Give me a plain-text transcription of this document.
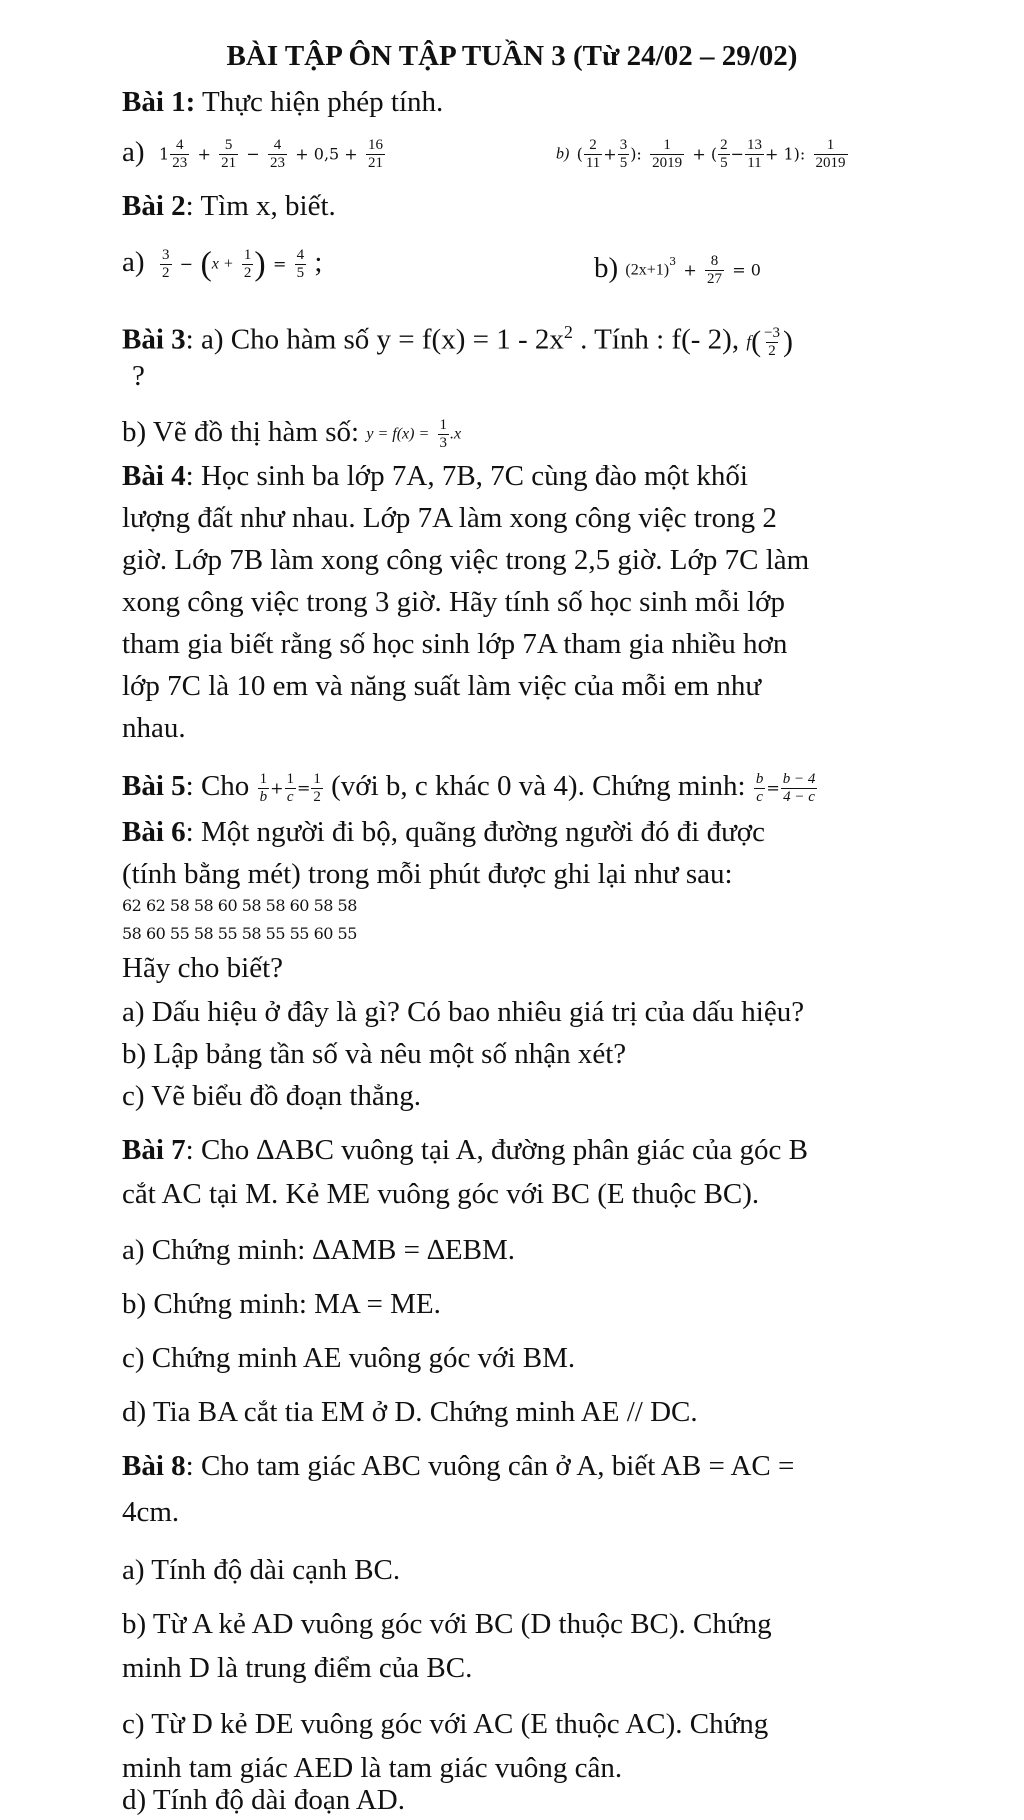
BÀI TẬP ÔN TẬP TUẦN 3 (Từ 24/02 – 29/02)
Bài 1: Thực hiện phép tính.
a) $1 \frac{4}{23} + \frac{5}{21} - \frac{4}{23} + 0,5 + \frac{16}{21}$	b) ( $\frac{2}{11} + \frac{3}{5}$ ): $\frac{1}{2019}$ + ( $\frac{2}{5} - \frac{13}{11} + 1$): $\frac{1}{2019}$
Bài 2: Tìm x, biết.
$a) \frac{3}{2} - (x + \frac{1}{2}$ ) = $\frac{4}{5}$ ;	b) $(2x+1)^3 + \frac{8}{27} = 0$
Bài 3: a) Cho hàm số $y = f(x) = 1 - 2x^2$ . Tính : f(- 2), $f( \frac{-3}{2}$ )
?
b) Vẽ đồ thị hàm số: $y = f(x) = \frac{1}{3} .x$
Bài 4: Học sinh ba lớp 7A, 7B, 7C cùng đào một khối
lượng đất như nhau. Lớp 7A làm xong công việc trong 2
giờ. Lớp 7B làm xong công việc trong 2,5 giờ. Lớp 7C làm
xong công việc trong 3 giờ. Hãy tính số học sinh mỗi lớp
tham gia biết rằng số học sinh lớp 7A tham gia nhiều hơn
lớp 7C là 10 em và năng suất làm việc của mỗi em như
nhau.
Bài 5: Cho $\frac{1}{b} + \frac{1}{c} = \frac{1}{2}$ (với b, c khác 0 và 4). Chứng minh: $\frac{b}{c} = \frac{b - 4}{4 - c}$
Bài 6: Một người đi bộ, quãng đường người đó đi được
(tính bằng mét) trong mỗi phút được ghi lại như sau:
62 62 58 58 60 58 58 60 58 58
58 60 55 58 55 58 55 55 60 55
Hãy cho biết?
a) Dấu hiệu ở đây là gì? Có bao nhiêu giá trị của dấu hiệu?
b) Lập bảng tần số và nêu một số nhận xét?
c) Vẽ biểu đồ đoạn thẳng.
Bài 7: Cho ∆ABC vuông tại A, đường phân giác của góc B
cắt AC tại M. Kẻ ME vuông góc với BC (E thuộc BC).
a) Chứng minh: ∆AMB = ∆EBM.
b) Chứng minh: MA = ME.
c) Chứng minh AE vuông góc với BM.
d) Tia BA cắt tia EM ở D. Chứng minh AE // DC.
Bài 8: Cho tam giác ABC vuông cân ở A, biết AB = AC =
4cm.
a) Tính độ dài cạnh BC.
b) Từ A kẻ AD vuông góc với BC (D thuộc BC). Chứng
minh D là trung điểm của BC.
c) Từ D kẻ DE vuông góc với AC (E thuộc AC). Chứng
minh tam giác AED là tam giác vuông cân.
d) Tính độ dài đoạn AD.
